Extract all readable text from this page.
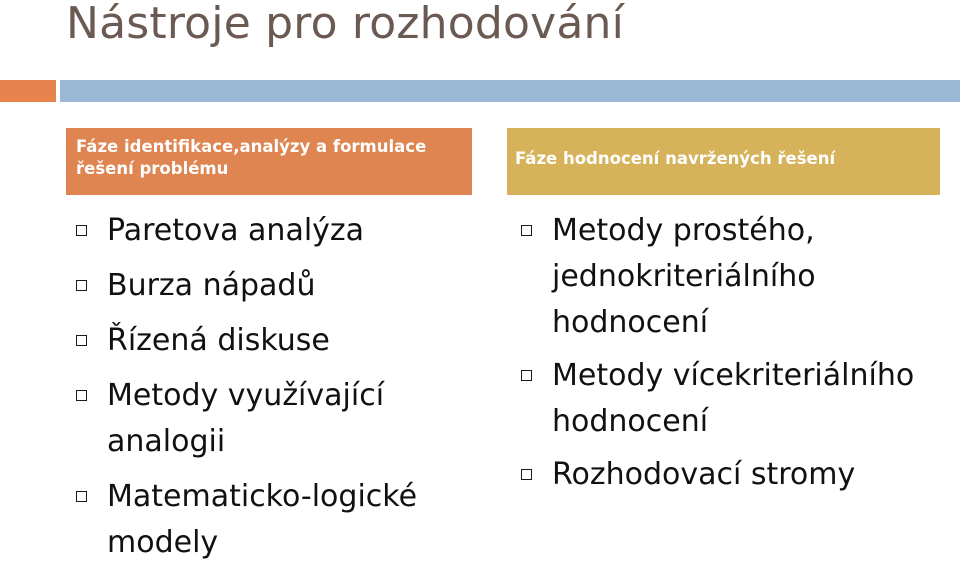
Nástroje pro rozhodování
Fáze identifikace,analýzy a formulace řešení problému
Fáze hodnocení navržených řešení
Paretova analýza
Burza nápadů
Řízená diskuse
Metody využívající analogii
Matematicko-logické modely
Metody prostého, jednokriteriálního hodnocení
Metody vícekriteriálního hodnocení
Rozhodovací stromy
